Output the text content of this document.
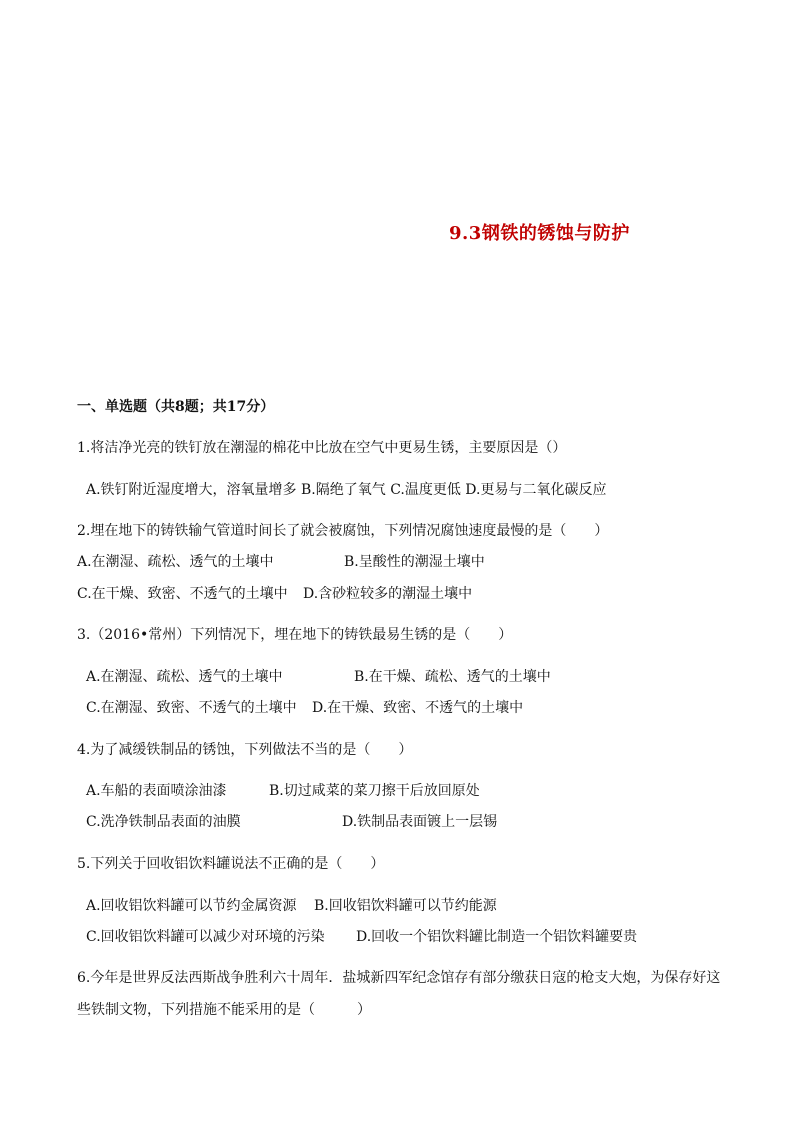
9.3钢铁的锈蚀与防护
一、单选题（共8题；共17分）
1.将洁净光亮的铁钉放在潮湿的棉花中比放在空气中更易生锈，主要原因是（）
A.铁钉附近湿度增大，溶氧量增多 B.隔绝了氧气 C.温度更低 D.更易与二氧化碳反应
2.埋在地下的铸铁输气管道时间长了就会被腐蚀，下列情况腐蚀速度最慢的是（　　）
A.在潮湿、疏松、透气的土壤中	B.呈酸性的潮湿土壤中
C.在干燥、致密、不透气的土壤中 D.含砂粒较多的潮湿土壤中
3.（2016•常州）下列情况下，埋在地下的铸铁最易生锈的是（　　）
A.在潮湿、疏松、透气的土壤中	B.在干燥、疏松、透气的土壤中
C.在潮湿、致密、不透气的土壤中 D.在干燥、致密、不透气的土壤中
4.为了减缓铁制品的锈蚀，下列做法不当的是（　　）
A.车船的表面喷涂油漆	B.切过咸菜的菜刀擦干后放回原处
C.洗净铁制品表面的油膜	D.铁制品表面镀上一层锡
5.下列关于回收铝饮料罐说法不正确的是（　　）
A.回收铝饮料罐可以节约金属资源 B.回收铝饮料罐可以节约能源
C.回收铝饮料罐可以减少对环境的污染 D.回收一个铝饮料罐比制造一个铝饮料罐要贵
6.今年是世界反法西斯战争胜利六十周年．盐城新四军纪念馆存有部分缴获日寇的枪支大炮，为保存好这
些铁制文物，下列措施不能采用的是（　　　）
